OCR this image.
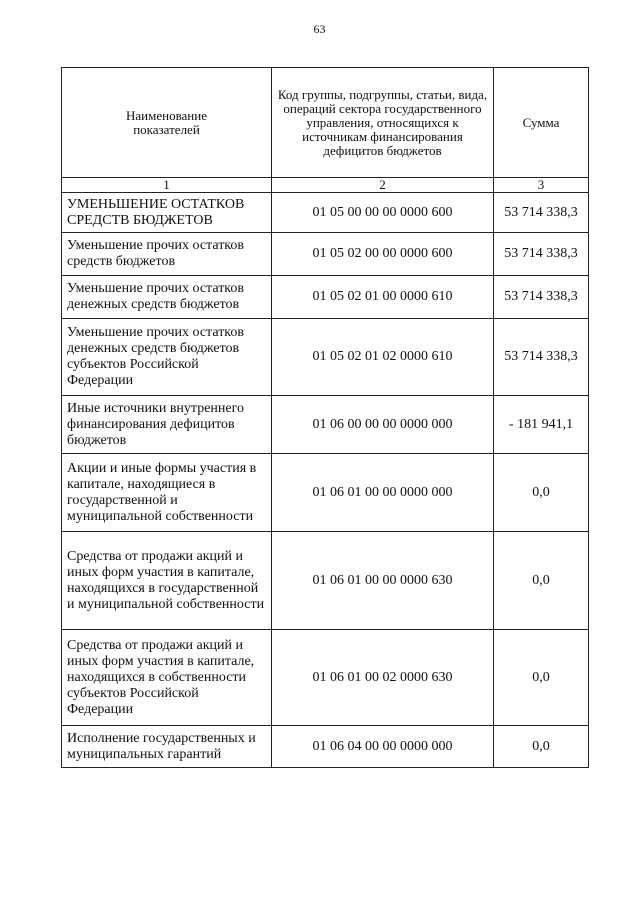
63
Наименование показателей	Код группы, подгруппы, статьи, вида, операций сектора государственного управления, относящихся к источникам финансирования дефицитов бюджетов	Сумма
1	2	3
УМЕНЬШЕНИЕ ОСТАТКОВ СРЕДСТВ БЮДЖЕТОВ	01 05 00 00 00 0000 600	53 714 338,3
Уменьшение прочих остатков средств бюджетов	01 05 02 00 00 0000 600	53 714 338,3
Уменьшение прочих остатков денежных средств бюджетов	01 05 02 01 00 0000 610	53 714 338,3
Уменьшение прочих остатков денежных средств бюджетов субъектов Российской Федерации	01 05 02 01 02 0000 610	53 714 338,3
Иные источники внутреннего финансирования дефицитов бюджетов	01 06 00 00 00 0000 000	- 181 941,1
Акции и иные формы участия в капитале, находящиеся в государственной и муниципальной собственности	01 06 01 00 00 0000 000	0,0
Средства от продажи акций и иных форм участия в капитале, находящихся в государственной и муниципальной собственности	01 06 01 00 00 0000 630	0,0
Средства от продажи акций и иных форм участия в капитале, находящихся в собственности субъектов Российской Федерации	01 06 01 00 02 0000 630	0,0
Исполнение государственных и муниципальных гарантий	01 06 04 00 00 0000 000	0,0
